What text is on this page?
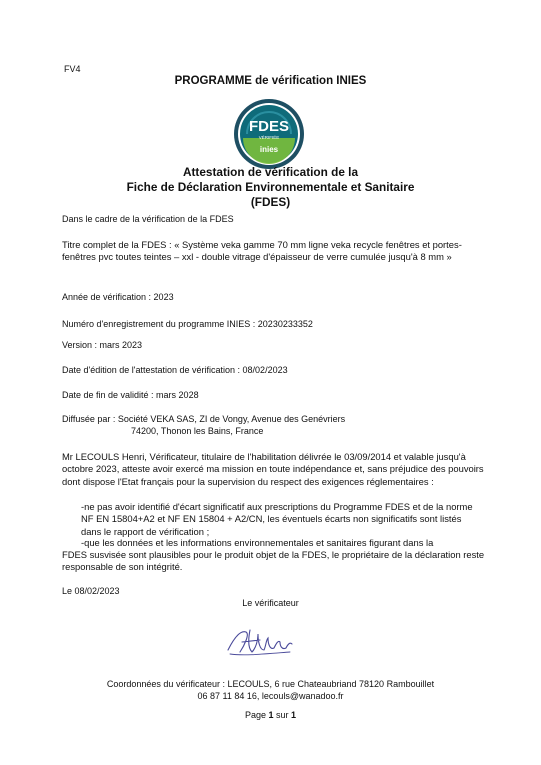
FV4
PROGRAMME de vérification INIES
FDES
VÉRIFIÉE
inies

Attestation de vérification de la

Fiche de Déclaration Environnementale et Sanitaire

(FDES)

Dans le cadre de la vérification de la FDES
Titre complet de la FDES : « Système veka gamme 70 mm ligne veka recycle fenêtres et portes-fenêtres pvc toutes teintes – xxl - double vitrage d'épaisseur de verre cumulée jusqu'à 8 mm »
Année de vérification : 2023
Numéro d'enregistrement du programme INIES : 20230233352
Version : mars 2023
Date d'édition de l'attestation de vérification : 08/02/2023
Date de fin de validité : mars 2028
Diffusée par : Société VEKA SAS, ZI de Vongy, Avenue des Genévriers
74200, Thonon les Bains, France
Mr LECOULS Henri, Vérificateur, titulaire de l'habilitation délivrée le 03/09/2014 et valable jusqu'à octobre 2023, atteste avoir exercé ma mission en toute indépendance et, sans préjudice des pouvoirs dont dispose l'Etat français pour la supervision du respect des exigences réglementaires :
-ne pas avoir identifié d'écart significatif aux prescriptions du Programme FDES et de la norme NF EN 15804+A2 et NF EN 15804 + A2/CN, les éventuels écarts non significatifs sont listés dans le rapport de vérification ;
-que les données et les informations environnementales et sanitaires figurant dans la
FDES susvisée sont plausibles pour le produit objet de la FDES, le propriétaire de la déclaration reste responsable de son intégrité.
Le 08/02/2023
Le vérificateur
Coordonnées du vérificateur : LECOULS, 6 rue Chateaubriand 78120 Rambouillet
06 87 11 84 16, lecouls@wanadoo.fr
Page 1 sur 1
